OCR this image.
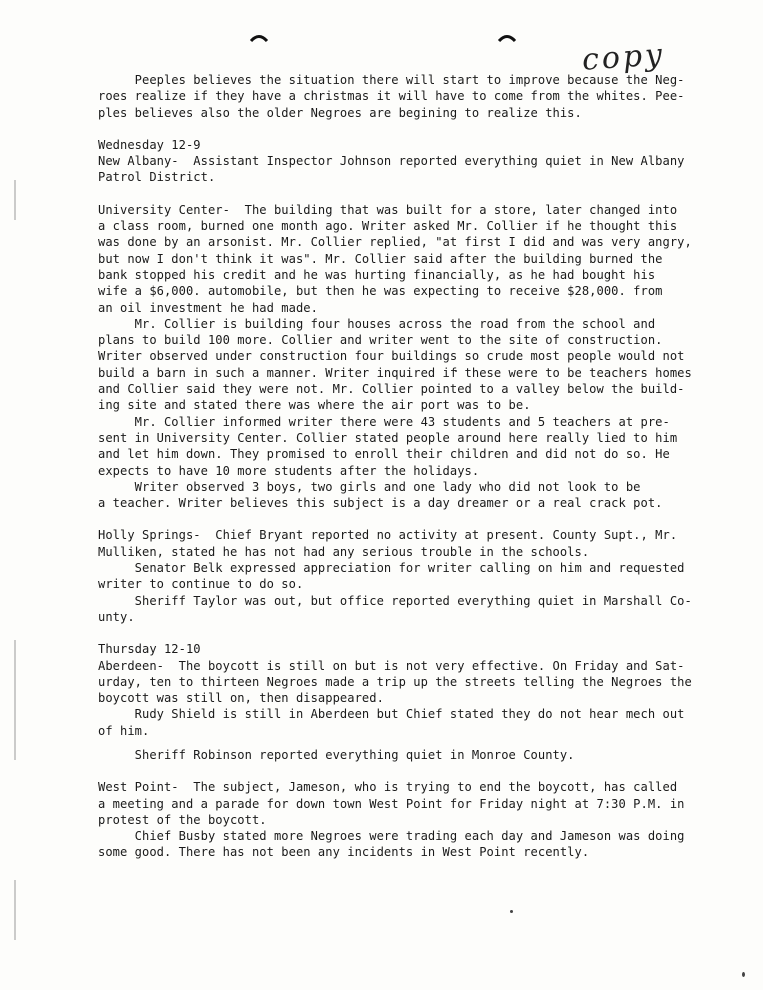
copy

Peeples believes the situation there will start to improve because the Neg-

roes realize if they have a christmas it will have to come from the whites. Pee-

ples believes also the older Negroes are begining to realize this.

Wednesday 12-9

New Albany-  Assistant Inspector Johnson reported everything quiet in New Albany

Patrol District.

University Center-  The building that was built for a store, later changed into

a class room, burned one month ago. Writer asked Mr. Collier if he thought this

was done by an arsonist. Mr. Collier replied, "at first I did and was very angry,

but now I don't think it was". Mr. Collier said after the building burned the

bank stopped his credit and he was hurting financially, as he had bought his

wife a $6,000. automobile, but then he was expecting to receive $28,000. from

an oil investment he had made.

Mr. Collier is building four houses across the road from the school and

plans to build 100 more. Collier and writer went to the site of construction.

Writer observed under construction four buildings so crude most people would not

build a barn in such a manner. Writer inquired if these were to be teachers homes

and Collier said they were not. Mr. Collier pointed to a valley below the build-

ing site and stated there was where the air port was to be.

Mr. Collier informed writer there were 43 students and 5 teachers at pre-

sent in University Center. Collier stated people around here really lied to him

and let him down. They promised to enroll their children and did not do so. He

expects to have 10 more students after the holidays.

Writer observed 3 boys, two girls and one lady who did not look to be

a teacher. Writer believes this subject is a day dreamer or a real crack pot.

Holly Springs-  Chief Bryant reported no activity at present. County Supt., Mr.

Mulliken, stated he has not had any serious trouble in the schools.

Senator Belk expressed appreciation for writer calling on him and requested

writer to continue to do so.

Sheriff Taylor was out, but office reported everything quiet in Marshall Co-

unty.

Thursday 12-10

Aberdeen-  The boycott is still on but is not very effective. On Friday and Sat-

urday, ten to thirteen Negroes made a trip up the streets telling the Negroes the

boycott was still on, then disappeared.

Rudy Shield is still in Aberdeen but Chief stated they do not hear mech out

of him.

Sheriff Robinson reported everything quiet in Monroe County.

West Point-  The subject, Jameson, who is trying to end the boycott, has called

a meeting and a parade for down town West Point for Friday night at 7:30 P.M. in

protest of the boycott.

Chief Busby stated more Negroes were trading each day and Jameson was doing

some good. There has not been any incidents in West Point recently.
